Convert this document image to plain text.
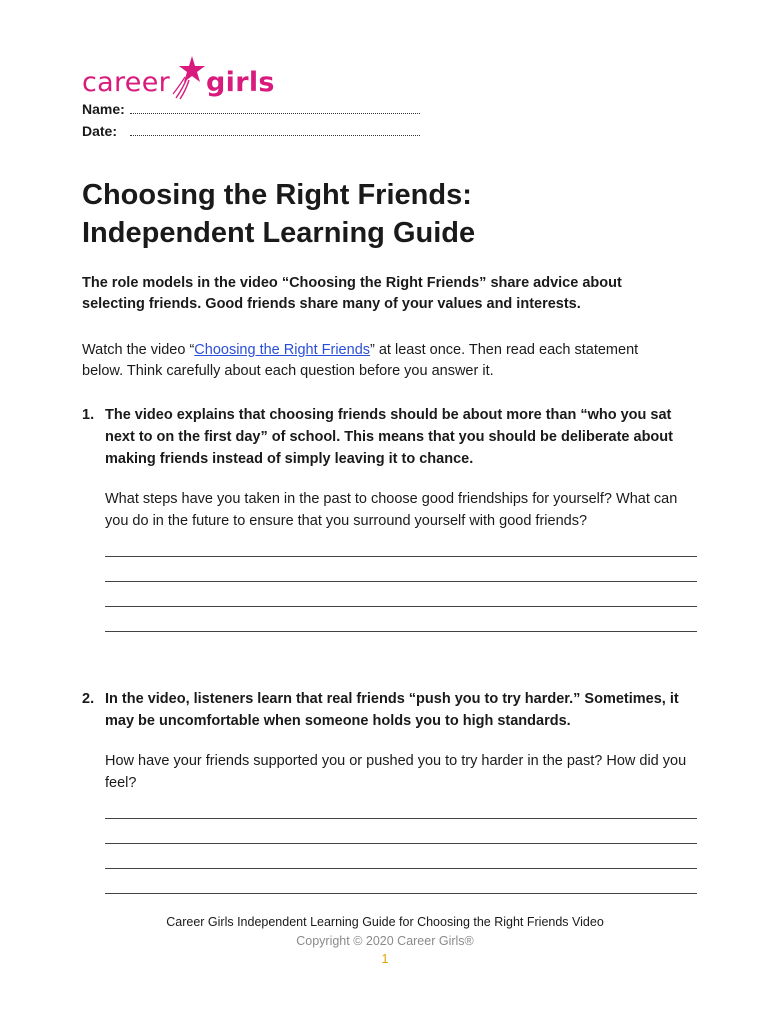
career girls
Name:
Date:
Choosing the Right Friends:
Independent Learning Guide

The role models in the video “Choosing the Right Friends” share advice about selecting friends. Good friends share many of your values and interests.

Watch the video “Choosing the Right Friends” at least once. Then read each statement below. Think carefully about each question before you answer it.

1. The video explains that choosing friends should be about more than “who you sat next to on the first day” of school. This means that you should be deliberate about making friends instead of simply leaving it to chance.
What steps have you taken in the past to choose good friendships for yourself? What can you do in the future to ensure that you surround yourself with good friends?
2. In the video, listeners learn that real friends “push you to try harder.” Sometimes, it may be uncomfortable when someone holds you to high standards.
How have your friends supported you or pushed you to try harder in the past? How did you feel?
Career Girls Independent Learning Guide for Choosing the Right Friends Video
Copyright © 2020 Career Girls®
1
